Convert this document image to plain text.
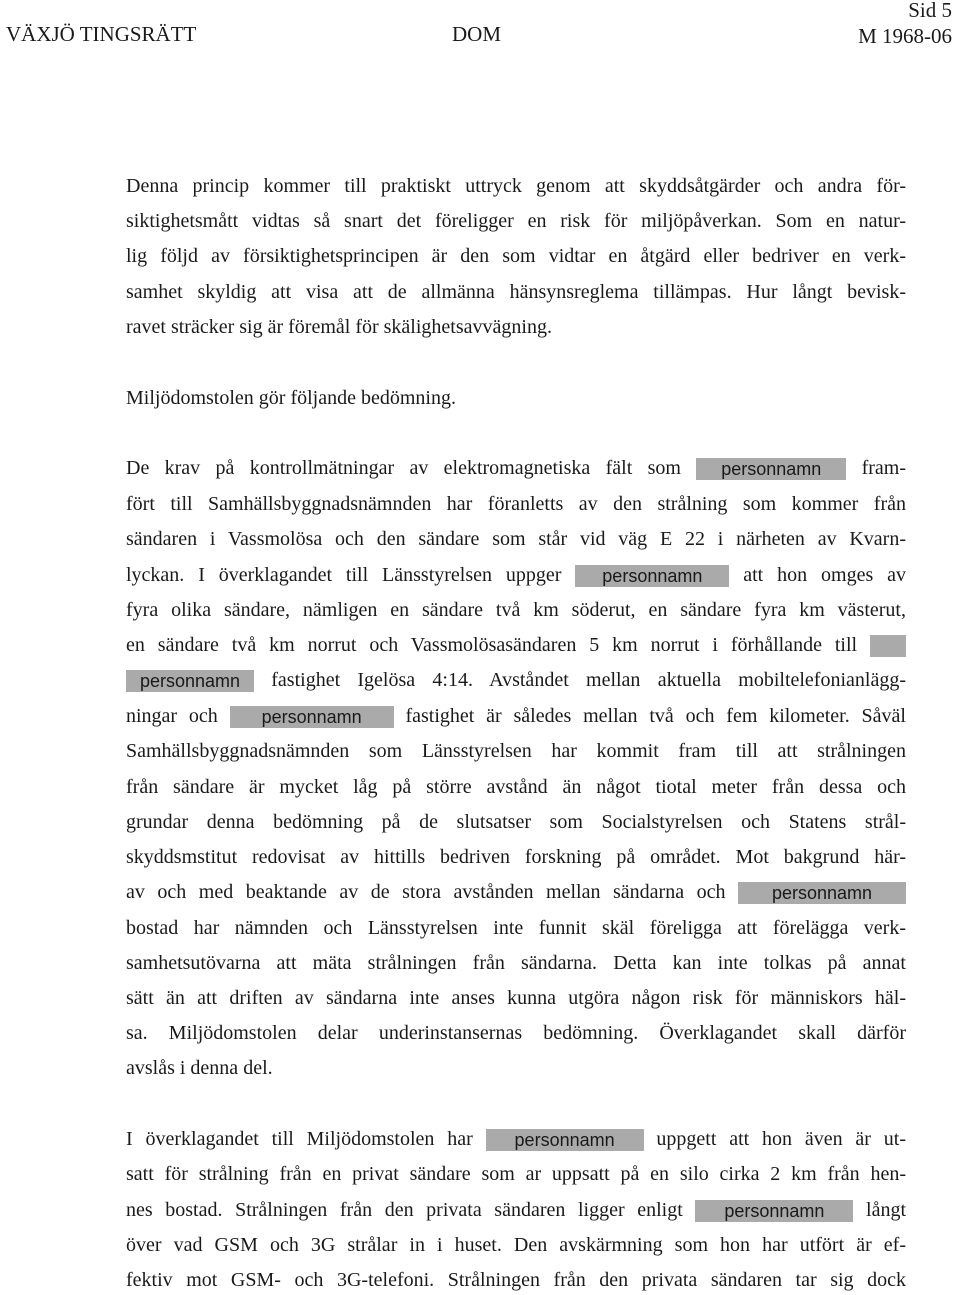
VÄXJÖ TINGSRÄTT	DOM
Sid 5
M 1968-06
Denna princip kommer till praktiskt uttryck genom att skyddsåtgärder och andra för-
siktighetsmått vidtas så snart det föreligger en risk för miljöpåverkan. Som en natur-
lig följd av försiktighetsprincipen är den som vidtar en åtgärd eller bedriver en verk-
samhet skyldig att visa att de allmänna hänsynsreglema tillämpas. Hur långt bevisk-
ravet sträcker sig är föremål för skälighetsavvägning.
Miljödomstolen gör följande bedömning.
De krav på kontrollmätningar av elektromagnetiska fält som personnamn fram-
fört till Samhällsbyggnadsnämnden har föranletts av den strålning som kommer från
sändaren i Vassmolösa och den sändare som står vid väg E 22 i närheten av Kvarn-
lyckan. I överklagandet till Länsstyrelsen uppger personnamn att hon omges av
fyra olika sändare, nämligen en sändare två km söderut, en sändare fyra km västerut,
en sändare två km norrut och Vassmolösasändaren 5 km norrut i förhållande till
personnamn fastighet Igelösa 4:14. Avståndet mellan aktuella mobiltelefonianlägg-
ningar och personnamn fastighet är således mellan två och fem kilometer. Såväl
Samhällsbyggnadsnämnden som Länsstyrelsen har kommit fram till att strålningen
från sändare är mycket låg på större avstånd än något tiotal meter från dessa och
grundar denna bedömning på de slutsatser som Socialstyrelsen och Statens strål-
skyddsmstitut redovisat av hittills bedriven forskning på området. Mot bakgrund här-
av och med beaktande av de stora avstånden mellan sändarna och	personnamn
bostad har nämnden och Länsstyrelsen inte funnit skäl föreligga att förelägga verk-
samhetsutövarna att mäta strålningen från sändarna. Detta kan inte tolkas på annat
sätt än att driften av sändarna inte anses kunna utgöra någon risk för människors häl-
sa. Miljödomstolen delar underinstansernas bedömning. Överklagandet skall därför
avslås i denna del.
I överklagandet till Miljödomstolen har personnamn uppgett att hon även är ut-
satt för strålning från en privat sändare som ar uppsatt på en silo cirka 2 km från hen-
nes bostad. Strålningen från den privata sändaren ligger enligt personnamn långt
över vad GSM och 3G strålar in i huset. Den avskärmning som hon har utfört är ef-
fektiv mot GSM- och 3G-telefoni. Strålningen från den privata sändaren tar sig dock
